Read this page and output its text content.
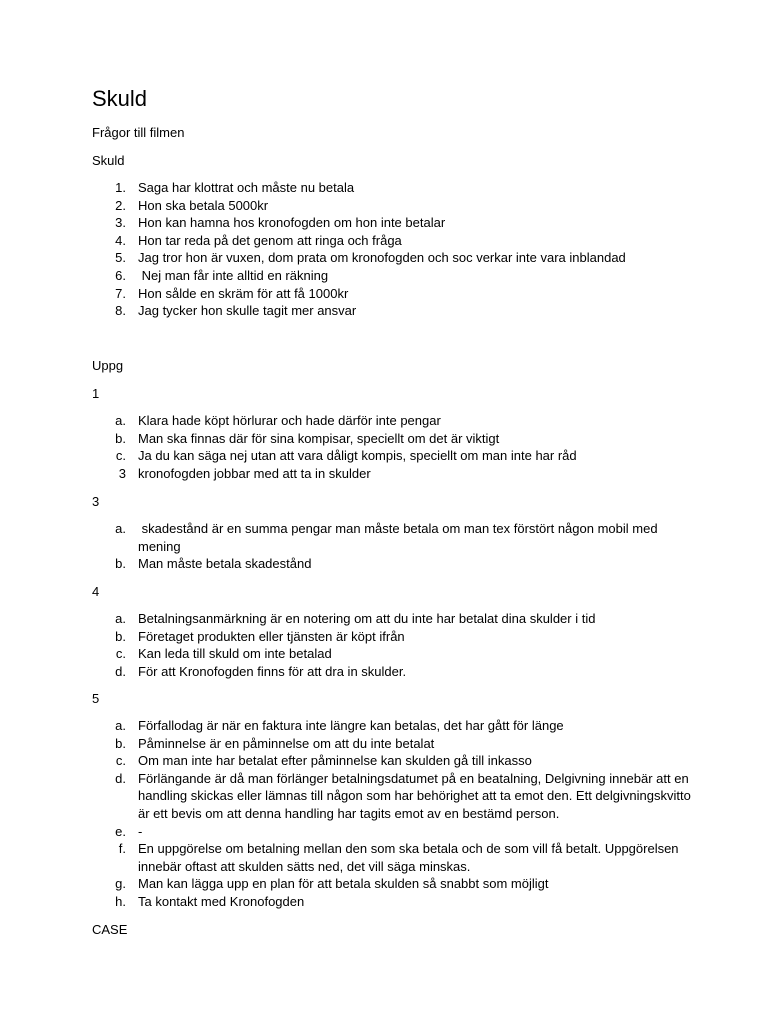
Skuld
Frågor till filmen
Skuld
1. Saga har klottrat och måste nu betala
2. Hon ska betala 5000kr
3. Hon kan hamna hos kronofogden om hon inte betalar
4. Hon tar reda på det genom att ringa och fråga
5. Jag tror hon är vuxen, dom prata om kronofogden och soc verkar inte vara inblandad
6. Nej man får inte alltid en räkning
7. Hon sålde en skräm för att få 1000kr
8. Jag tycker hon skulle tagit mer ansvar
Uppg
1
a. Klara hade köpt hörlurar och hade därför inte pengar
b. Man ska finnas där för sina kompisar, speciellt om det är viktigt
c. Ja du kan säga nej utan att vara dåligt kompis, speciellt om man inte har råd
3 kronofogden jobbar med att ta in skulder
3
a. skadestånd är en summa pengar man måste betala om man tex förstört någon mobil med mening
b. Man måste betala skadestånd
4
a. Betalningsanmärkning är en notering om att du inte har betalat dina skulder i tid
b. Företaget produkten eller tjänsten är köpt ifrån
c. Kan leda till skuld om inte betalad
d. För att Kronofogden finns för att dra in skulder.
5
a. Förfallodag är när en faktura inte längre kan betalas, det har gått för länge
b. Påminnelse är en påminnelse om att du inte betalat
c. Om man inte har betalat efter påminnelse kan skulden gå till inkasso
d. Förlängande är då man förlänger betalningsdatumet på en beatalning, Delgivning innebär att en handling skickas eller lämnas till någon som har behörighet att ta emot den. Ett delgivningskvitto är ett bevis om att denna handling har tagits emot av en bestämd person.
e. -
f. En uppgörelse om betalning mellan den som ska betala och de som vill få betalt. Uppgörelsen innebär oftast att skulden sätts ned, det vill säga minskas.
g. Man kan lägga upp en plan för att betala skulden så snabbt som möjligt
h. Ta kontakt med Kronofogden
CASE
